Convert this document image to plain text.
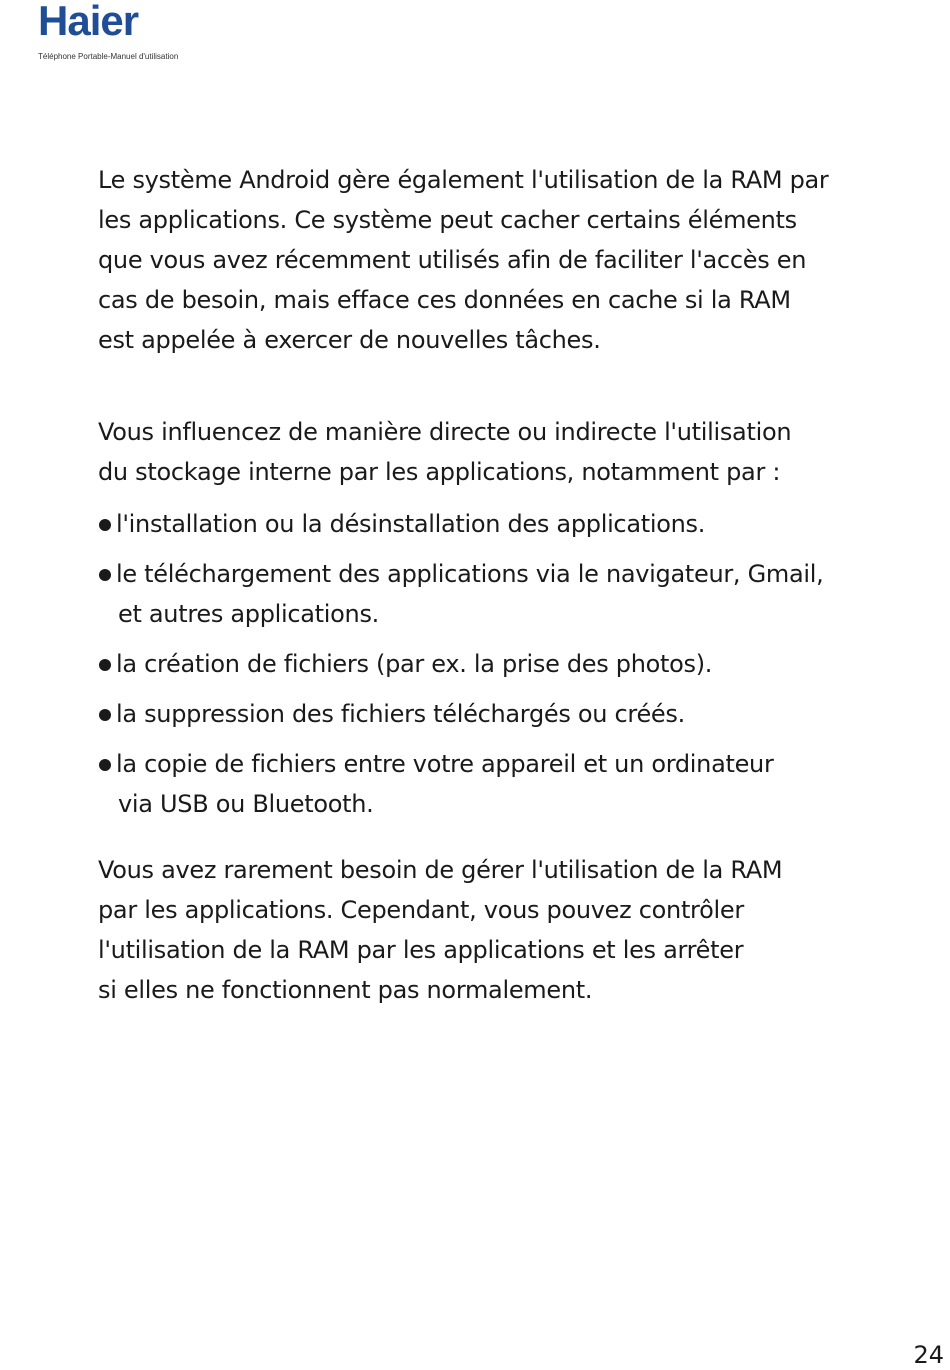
Haier
Téléphone Portable-Manuel d'utilisation

Le système Android gère également l'utilisation de la RAM par
les applications. Ce système peut cacher certains éléments
que vous avez récemment utilisés afin de faciliter l'accès en
cas de besoin, mais efface ces données en cache si la RAM
est appelée à exercer de nouvelles tâches.

Vous influencez de manière directe ou indirecte l'utilisation
du stockage interne par les applications, notamment par :

l'installation ou la désinstallation des applications.
le téléchargement des applications via le navigateur, Gmail,
et autres applications.
la création de fichiers (par ex. la prise des photos).
la suppression des fichiers téléchargés ou créés.
la copie de fichiers entre votre appareil et un ordinateur
via USB ou Bluetooth.

Vous avez rarement besoin de gérer l'utilisation de la RAM
par les applications. Cependant, vous pouvez contrôler
l'utilisation de la RAM par les applications et les arrêter
si elles ne fonctionnent pas normalement.

24
